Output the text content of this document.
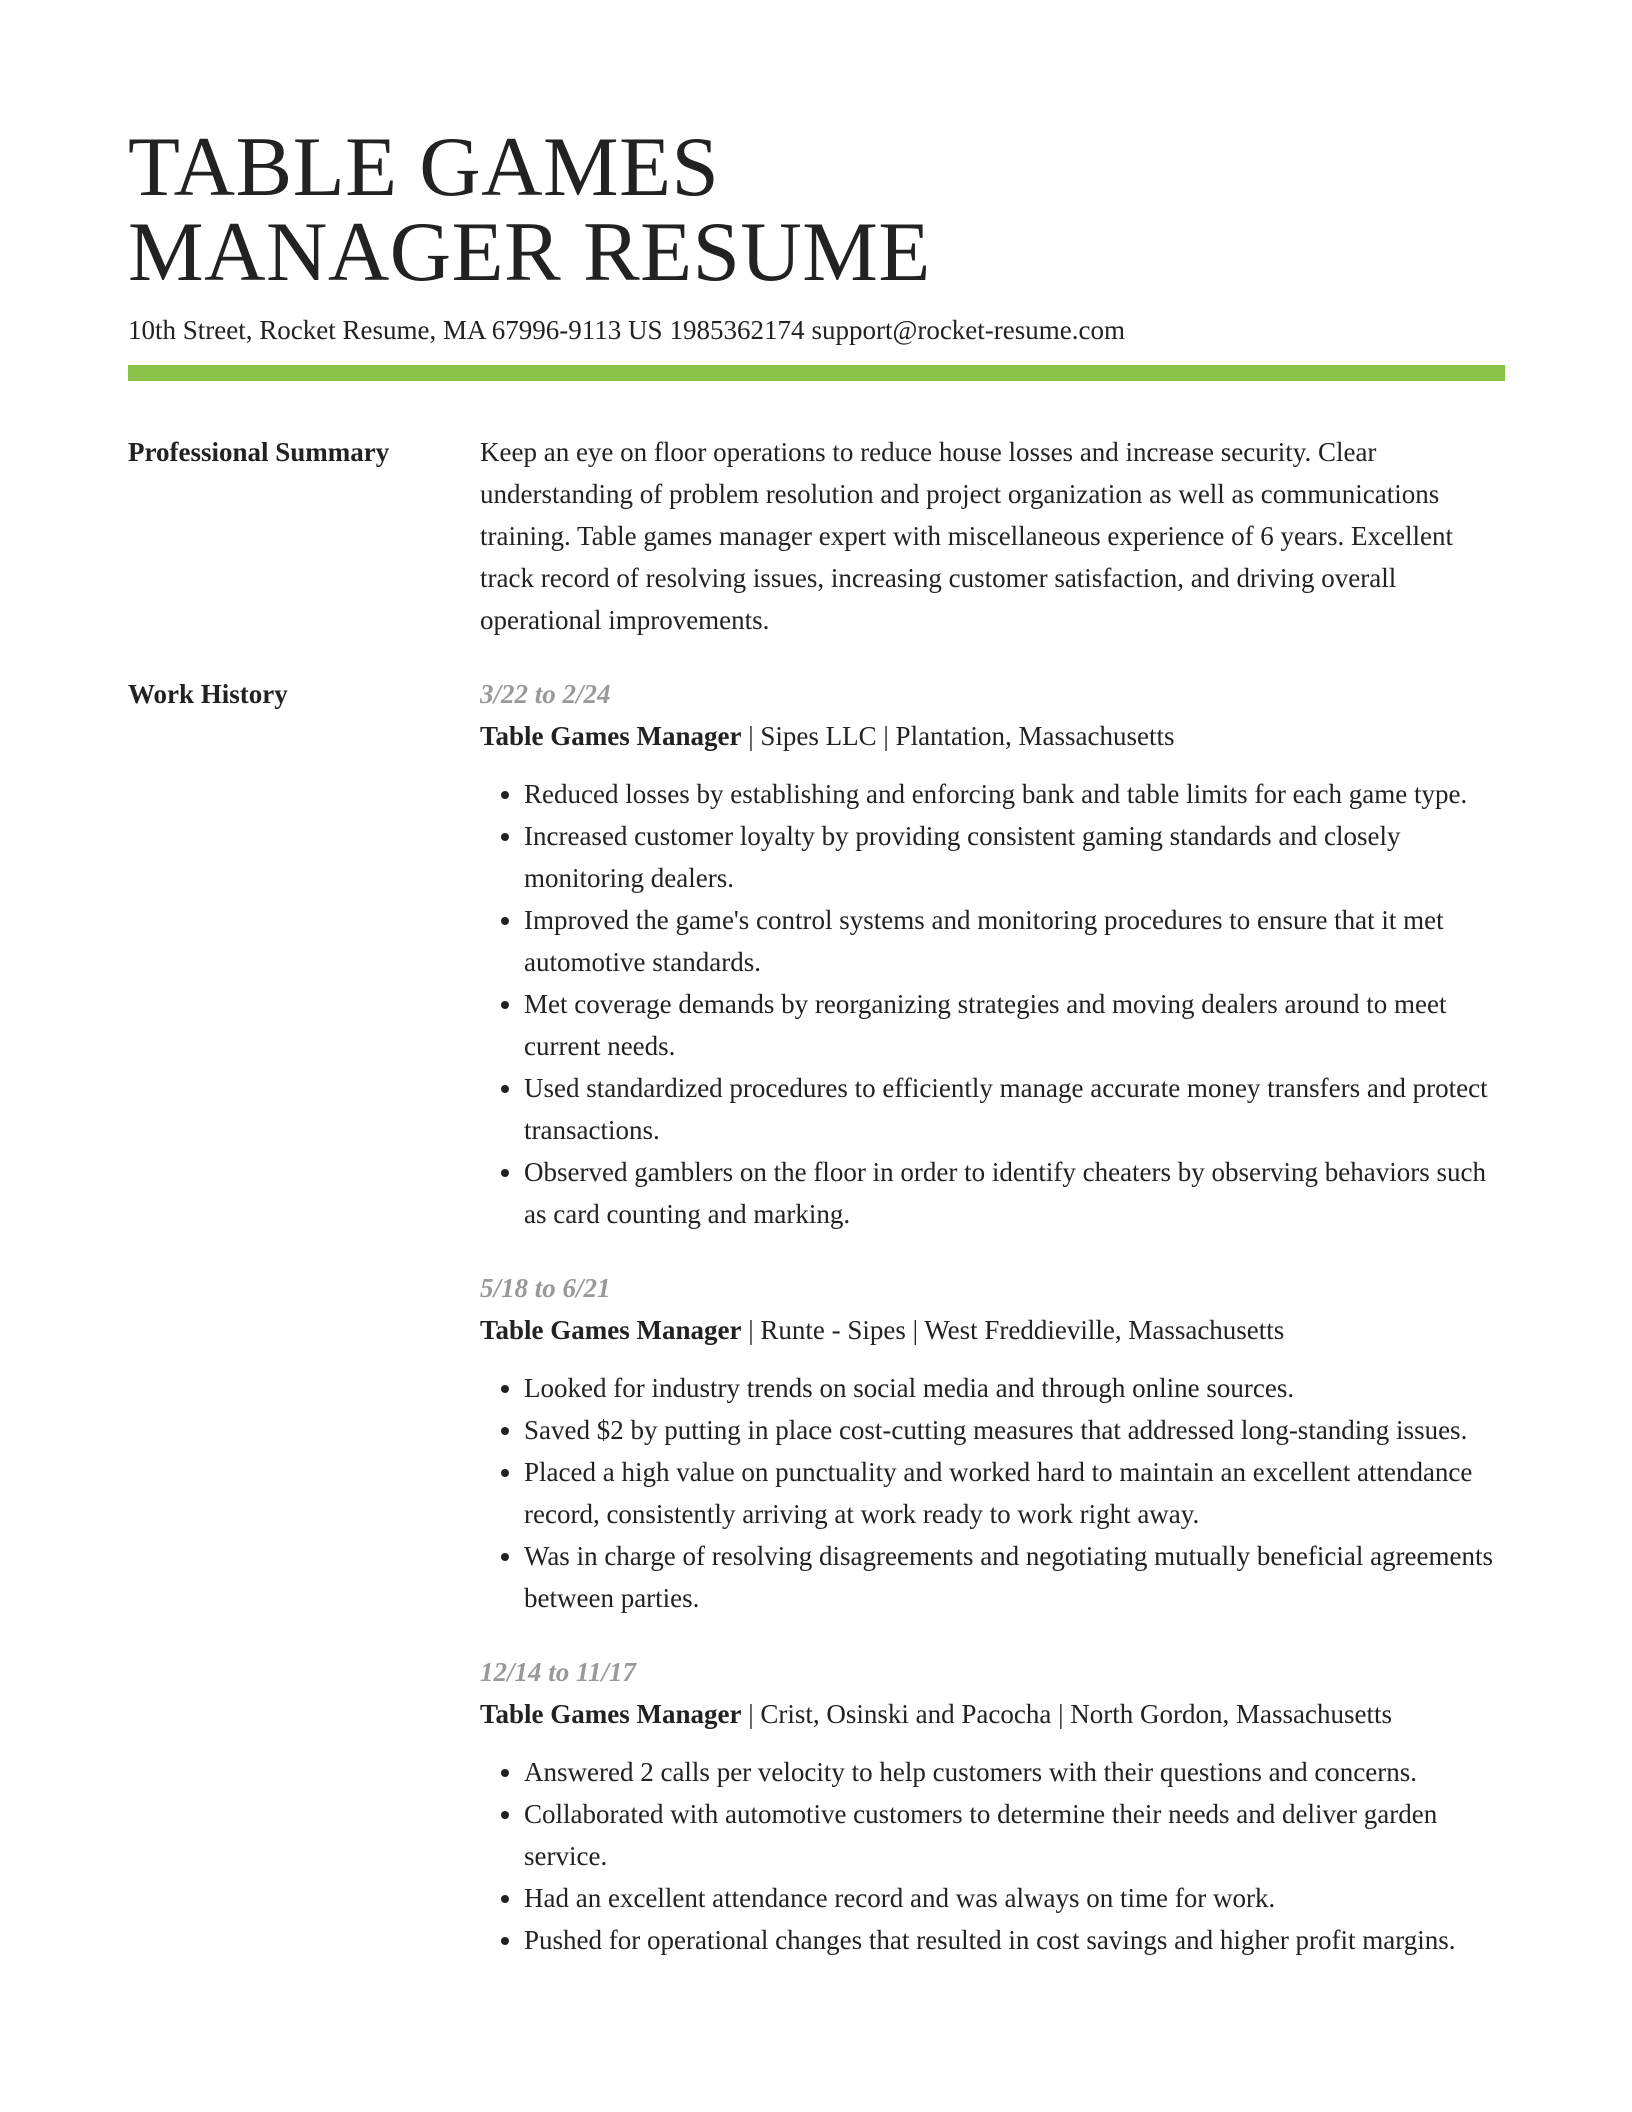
TABLE GAMES
MANAGER RESUME
10th Street, Rocket Resume, MA 67996-9113 US 1985362174 support@rocket-resume.com
Professional Summary	Keep an eye on floor operations to reduce house losses and increase security. Clear understanding of problem resolution and project organization as well as communications training. Table games manager expert with miscellaneous experience of 6 years. Excellent track record of resolving issues, increasing customer satisfaction, and driving overall operational improvements.

Work History	3/22 to 2/24
Table Games Manager | Sipes LLC | Plantation, Massachusetts
• Reduced losses by establishing and enforcing bank and table limits for each game type.
• Increased customer loyalty by providing consistent gaming standards and closely monitoring dealers.
• Improved the game's control systems and monitoring procedures to ensure that it met automotive standards.
• Met coverage demands by reorganizing strategies and moving dealers around to meet current needs.
• Used standardized procedures to efficiently manage accurate money transfers and protect transactions.
• Observed gamblers on the floor in order to identify cheaters by observing behaviors such as card counting and marking.
5/18 to 6/21
Table Games Manager | Runte - Sipes | West Freddieville, Massachusetts
• Looked for industry trends on social media and through online sources.
• Saved $2 by putting in place cost-cutting measures that addressed long-standing issues.
• Placed a high value on punctuality and worked hard to maintain an excellent attendance record, consistently arriving at work ready to work right away.
• Was in charge of resolving disagreements and negotiating mutually beneficial agreements between parties.
12/14 to 11/17
Table Games Manager | Crist, Osinski and Pacocha | North Gordon, Massachusetts
• Answered 2 calls per velocity to help customers with their questions and concerns.
• Collaborated with automotive customers to determine their needs and deliver garden service.
• Had an excellent attendance record and was always on time for work.
• Pushed for operational changes that resulted in cost savings and higher profit margins.
